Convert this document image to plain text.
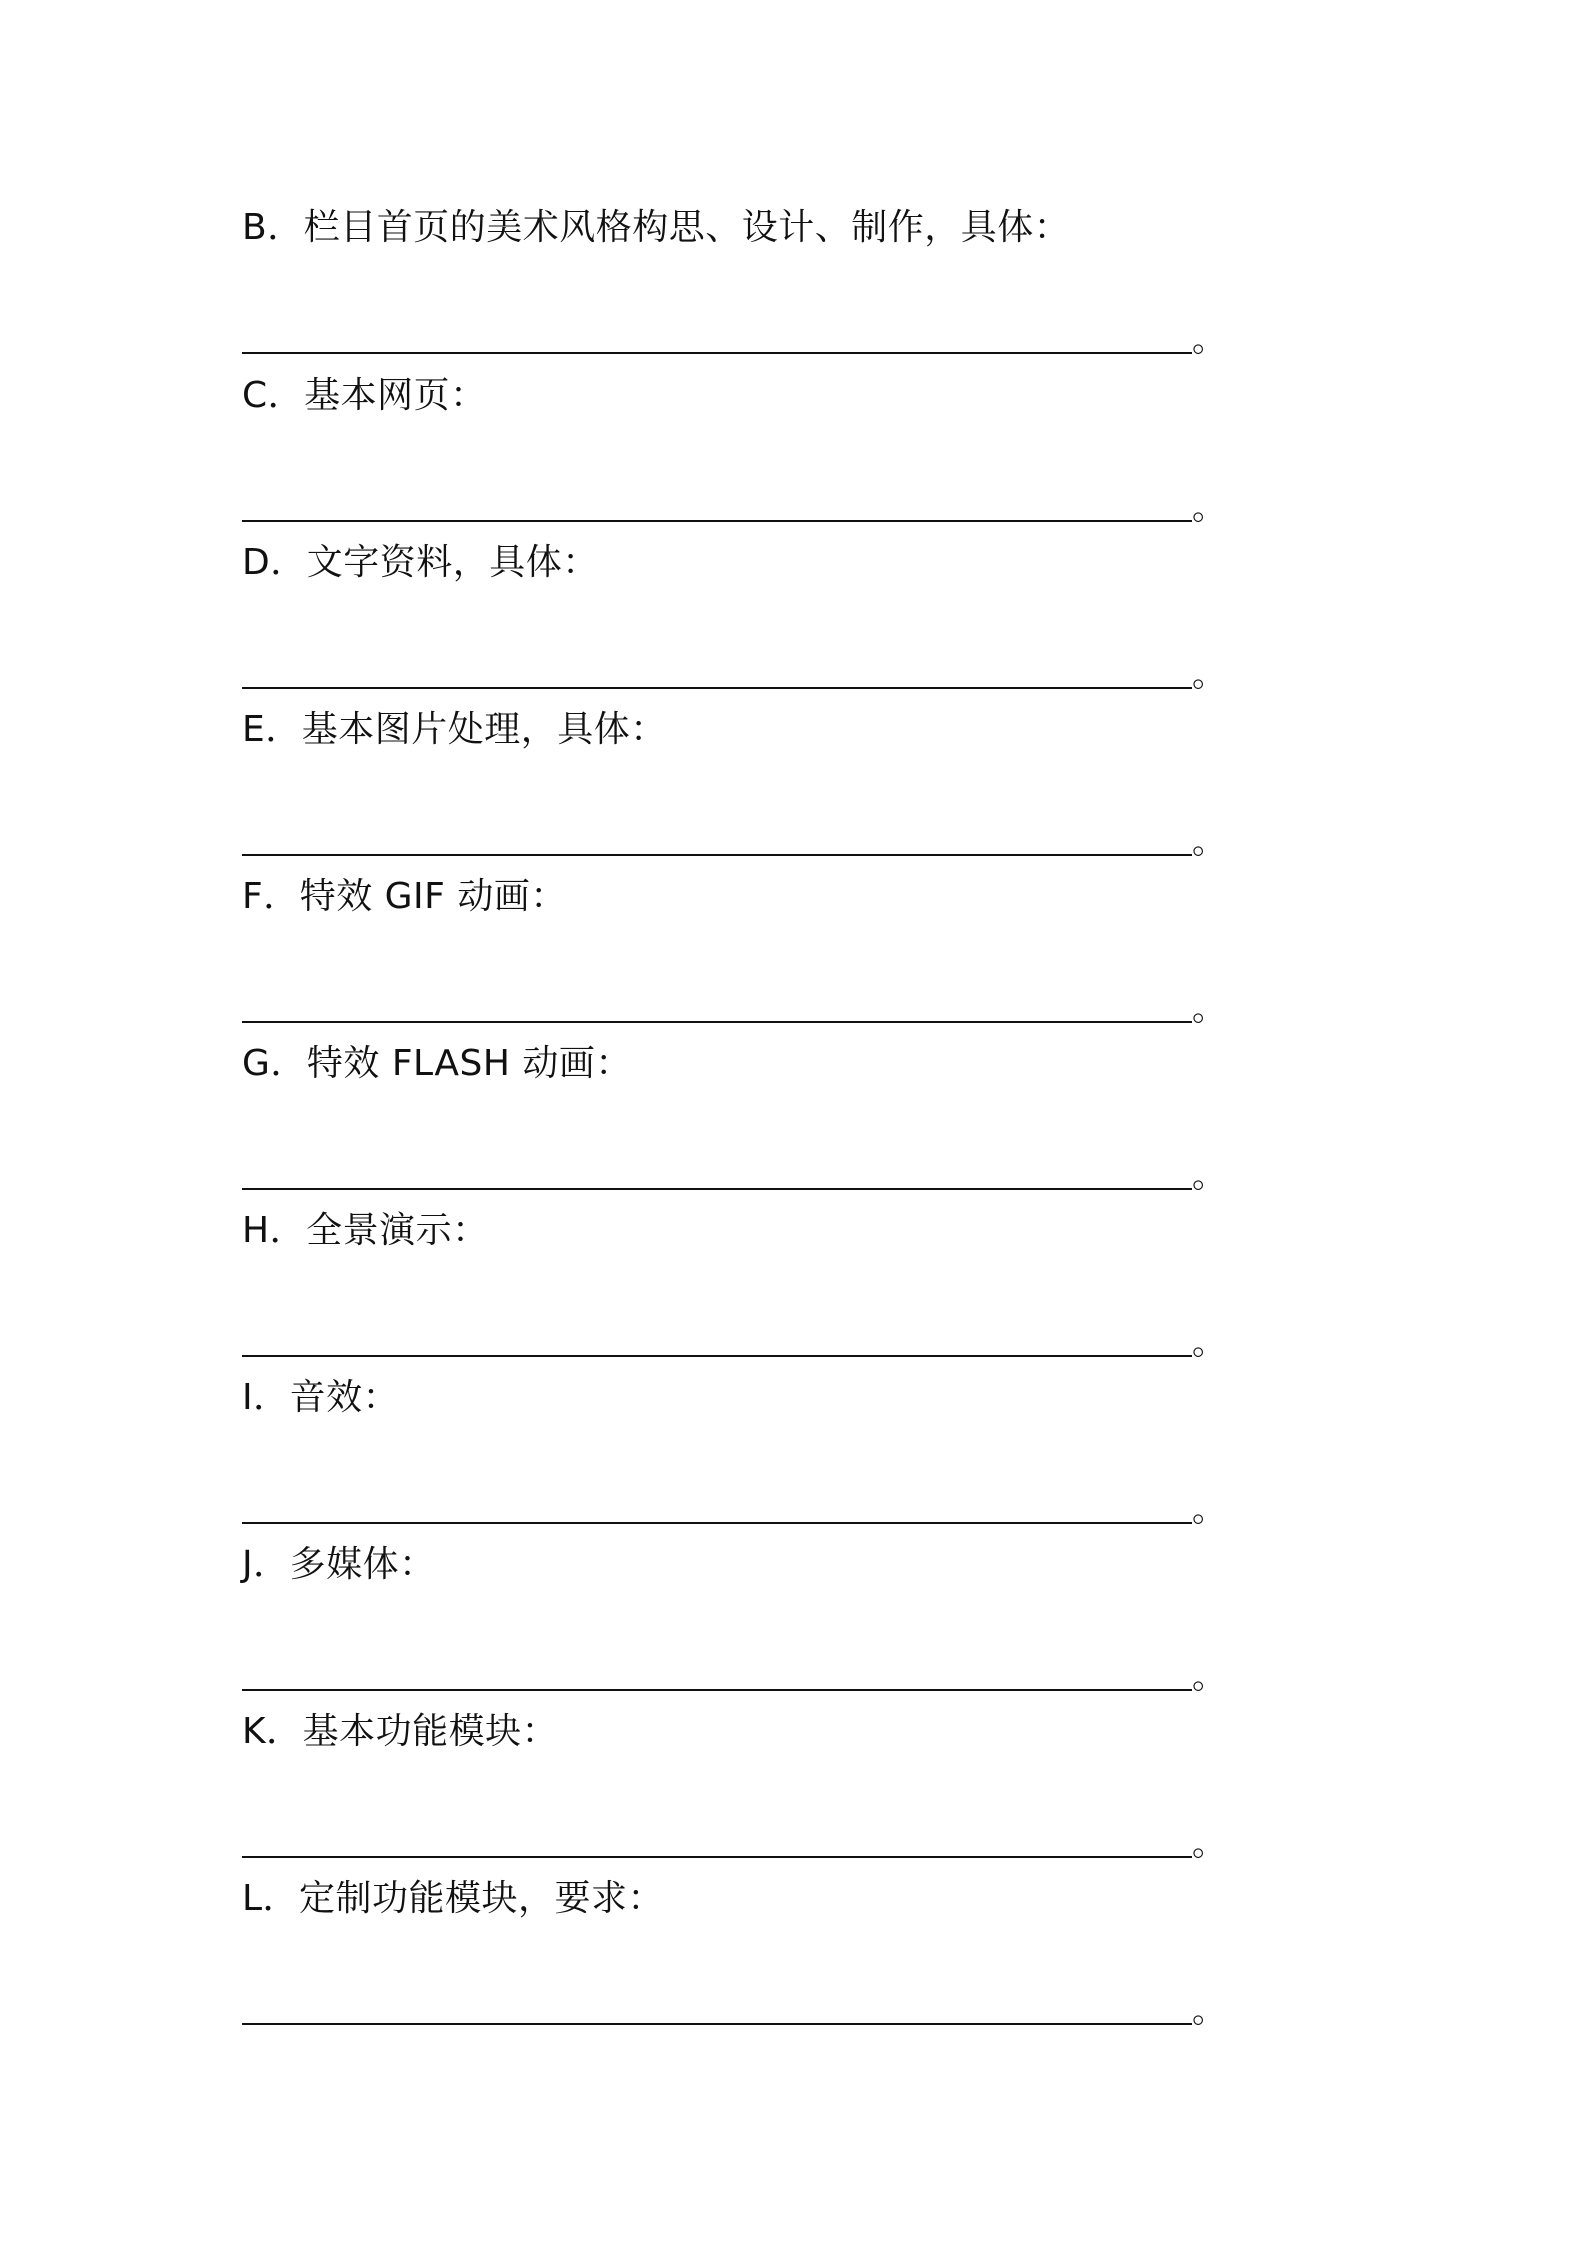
B．栏目首页的美术风格构思、设计、制作，具体：
。
C．基本网页：
。
D．文字资料，具体：
。
E．基本图片处理，具体：
。
F．特效 GIF 动画：
。
G．特效 FLASH 动画：
。
H．全景演示：
。
I．音效：
。
J．多媒体：
。
K．基本功能模块：
。
L．定制功能模块，要求：
。
